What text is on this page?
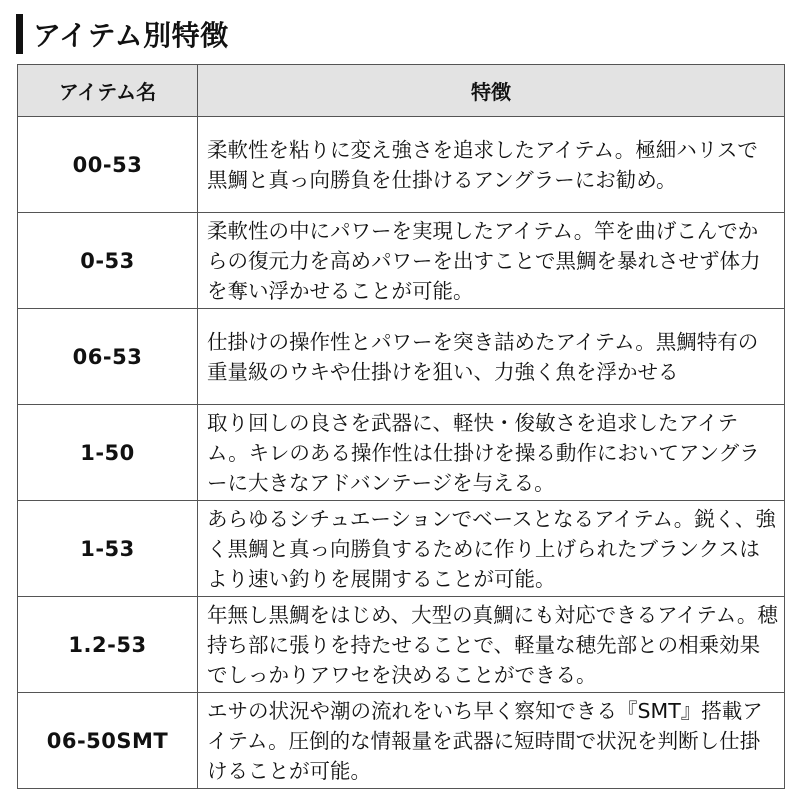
アイテム別特徴
アイテム名	特徴
00-53	柔軟性を粘りに変え強さを追求したアイテム。極細ハリスで黒鯛と真っ向勝負を仕掛けるアングラーにお勧め。
0-53	柔軟性の中にパワーを実現したアイテム。竿を曲げこんでからの復元力を高めパワーを出すことで黒鯛を暴れさせず体力を奪い浮かせることが可能。
06-53	仕掛けの操作性とパワーを突き詰めたアイテム。黒鯛特有の重量級のウキや仕掛けを狙い、力強く魚を浮かせる
1-50	取り回しの良さを武器に、軽快・俊敏さを追求したアイテム。キレのある操作性は仕掛けを操る動作においてアングラーに大きなアドバンテージを与える。
1-53	あらゆるシチュエーションでベースとなるアイテム。鋭く、強く黒鯛と真っ向勝負するために作り上げられたブランクスはより速い釣りを展開することが可能。
1.2-53	年無し黒鯛をはじめ、大型の真鯛にも対応できるアイテム。穂持ち部に張りを持たせることで、軽量な穂先部との相乗効果でしっかりアワセを決めることができる。
06-50SMT	エサの状況や潮の流れをいち早く察知できる『SMT』搭載アイテム。圧倒的な情報量を武器に短時間で状況を判断し仕掛けることが可能。
